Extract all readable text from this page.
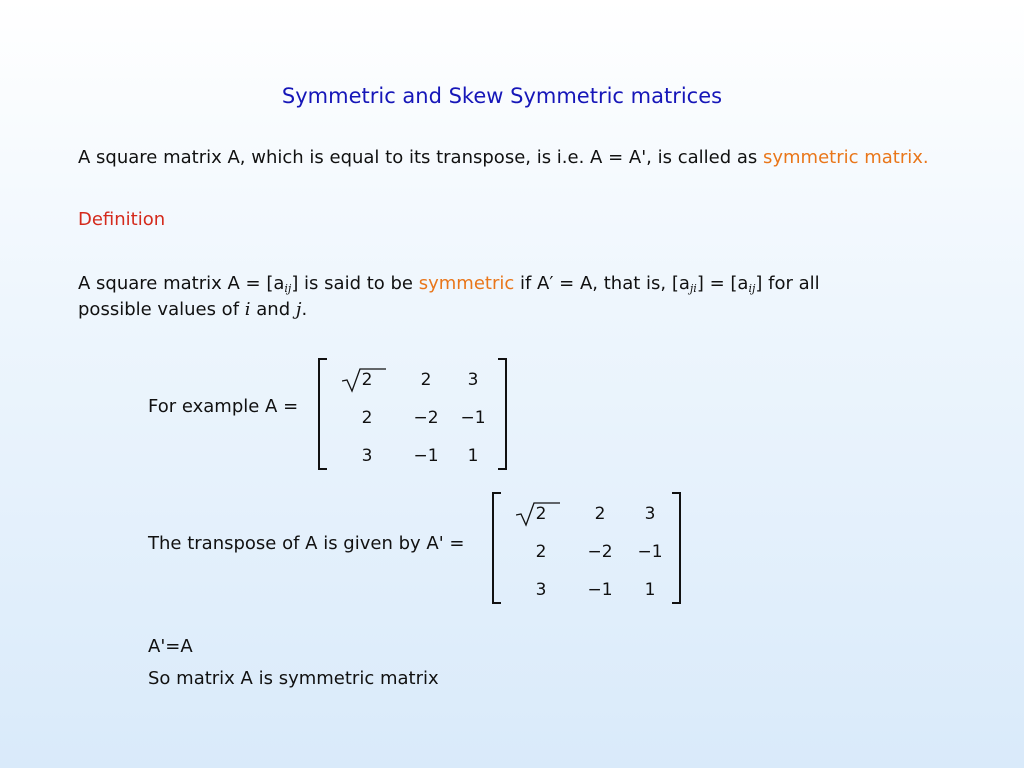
Symmetric and Skew Symmetric matrices
A square matrix A, which is equal to its transpose, is i.e. A = A', is called as symmetric matrix.
Definition
A square matrix $A = [a_{ij}]$ is said to be symmetric if A′ = A, that is, $[a_{ji}] = [a_{ij}]$ for all
possible values of i and j.
For example A =
2	2	3
2	−2	−1
3	−1	1
The transpose of A is given by A' =
2	2	3
2	−2	−1
3	−1	1
A'=A
So matrix A is symmetric matrix
